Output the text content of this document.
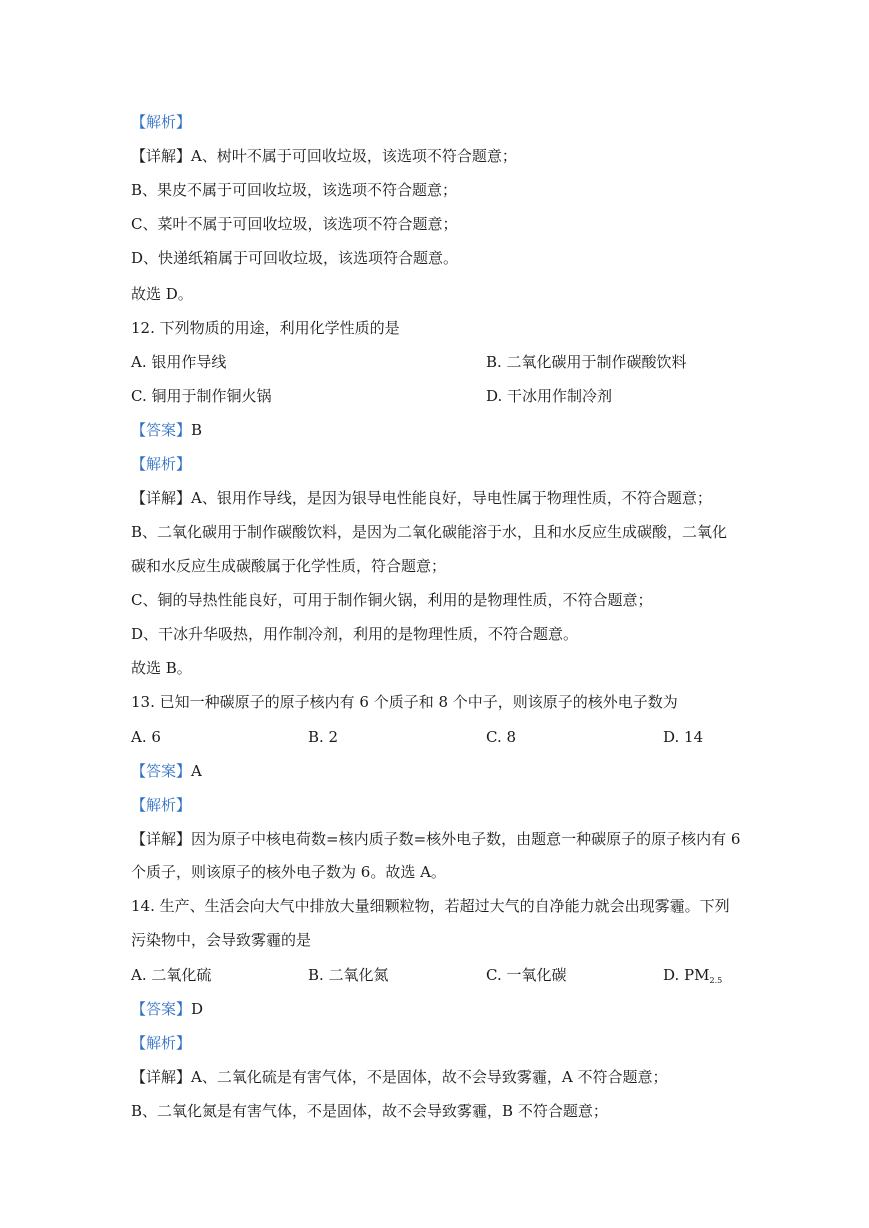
【解析】
【详解】A、树叶不属于可回收垃圾，该选项不符合题意；
B、果皮不属于可回收垃圾，该选项不符合题意；
C、菜叶不属于可回收垃圾，该选项不符合题意；
D、快递纸箱属于可回收垃圾，该选项符合题意。
故选 D。
12. 下列物质的用途，利用化学性质的是
A. 银用作导线	B. 二氧化碳用于制作碳酸饮料
C. 铜用于制作铜火锅	D. 干冰用作制冷剂
【答案】B
【解析】
【详解】A、银用作导线，是因为银导电性能良好，导电性属于物理性质，不符合题意；
B、二氧化碳用于制作碳酸饮料，是因为二氧化碳能溶于水，且和水反应生成碳酸，二氧化
碳和水反应生成碳酸属于化学性质，符合题意；
C、铜的导热性能良好，可用于制作铜火锅，利用的是物理性质，不符合题意；
D、干冰升华吸热，用作制冷剂，利用的是物理性质，不符合题意。
故选 B。
13. 已知一种碳原子的原子核内有 6 个质子和 8 个中子，则该原子的核外电子数为
A. 6	B. 2	C. 8	D. 14
【答案】A
【解析】
【详解】因为原子中核电荷数=核内质子数=核外电子数，由题意一种碳原子的原子核内有 6
个质子，则该原子的核外电子数为 6。故选 A。
14. 生产、生活会向大气中排放大量细颗粒物，若超过大气的自净能力就会出现雾霾。下列
污染物中，会导致雾霾的是
A. 二氧化硫	B. 二氧化氮	C. 一氧化碳	D. $PM_{2.5}$
【答案】D
【解析】
【详解】A、二氧化硫是有害气体，不是固体，故不会导致雾霾，A 不符合题意；
B、二氧化氮是有害气体，不是固体，故不会导致雾霾，B 不符合题意；
